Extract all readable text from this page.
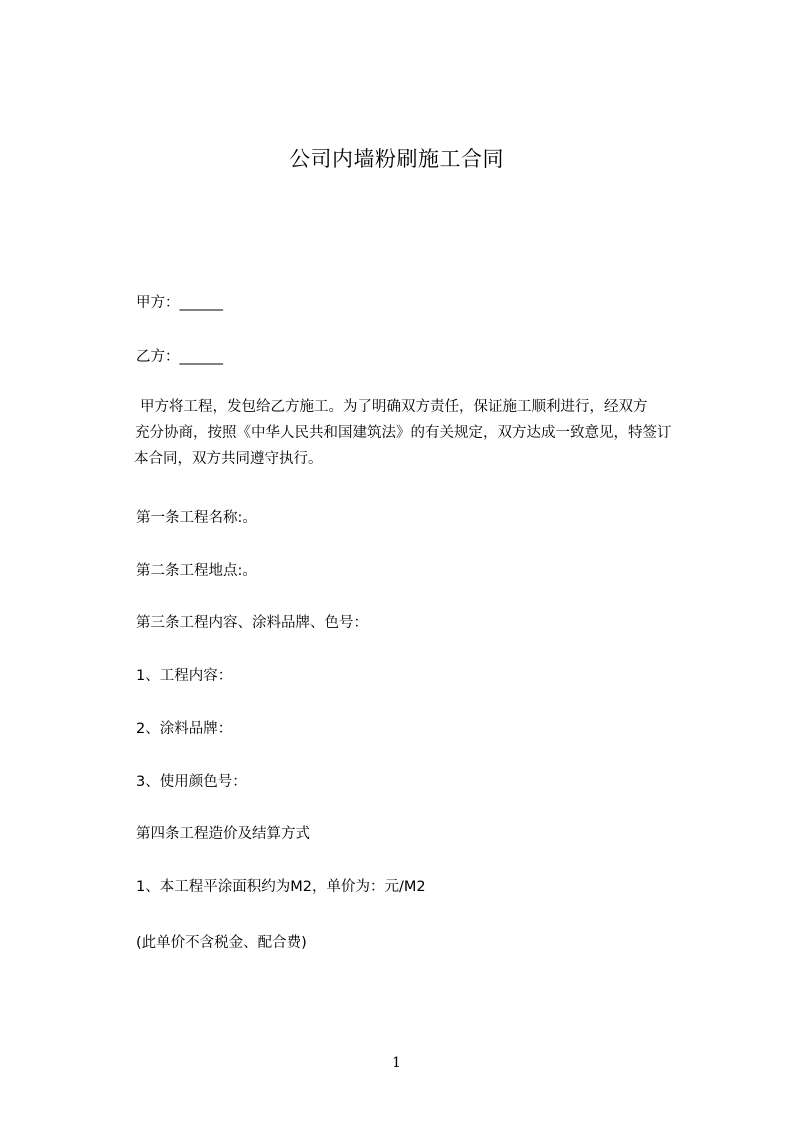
公司内墙粉刷施工合同
甲方：______
乙方：______
甲方将工程，发包给乙方施工。为了明确双方责任，保证施工顺利进行，经双方
充分协商，按照《中华人民共和国建筑法》的有关规定，双方达成一致意见，特签订
本合同，双方共同遵守执行。
第一条工程名称:。
第二条工程地点:。
第三条工程内容、涂料品牌、色号：
1、工程内容：
2、涂料品牌：
3、使用颜色号：
第四条工程造价及结算方式
1、本工程平涂面积约为M2，单价为：元/M2
(此单价不含税金、配合费)
1
